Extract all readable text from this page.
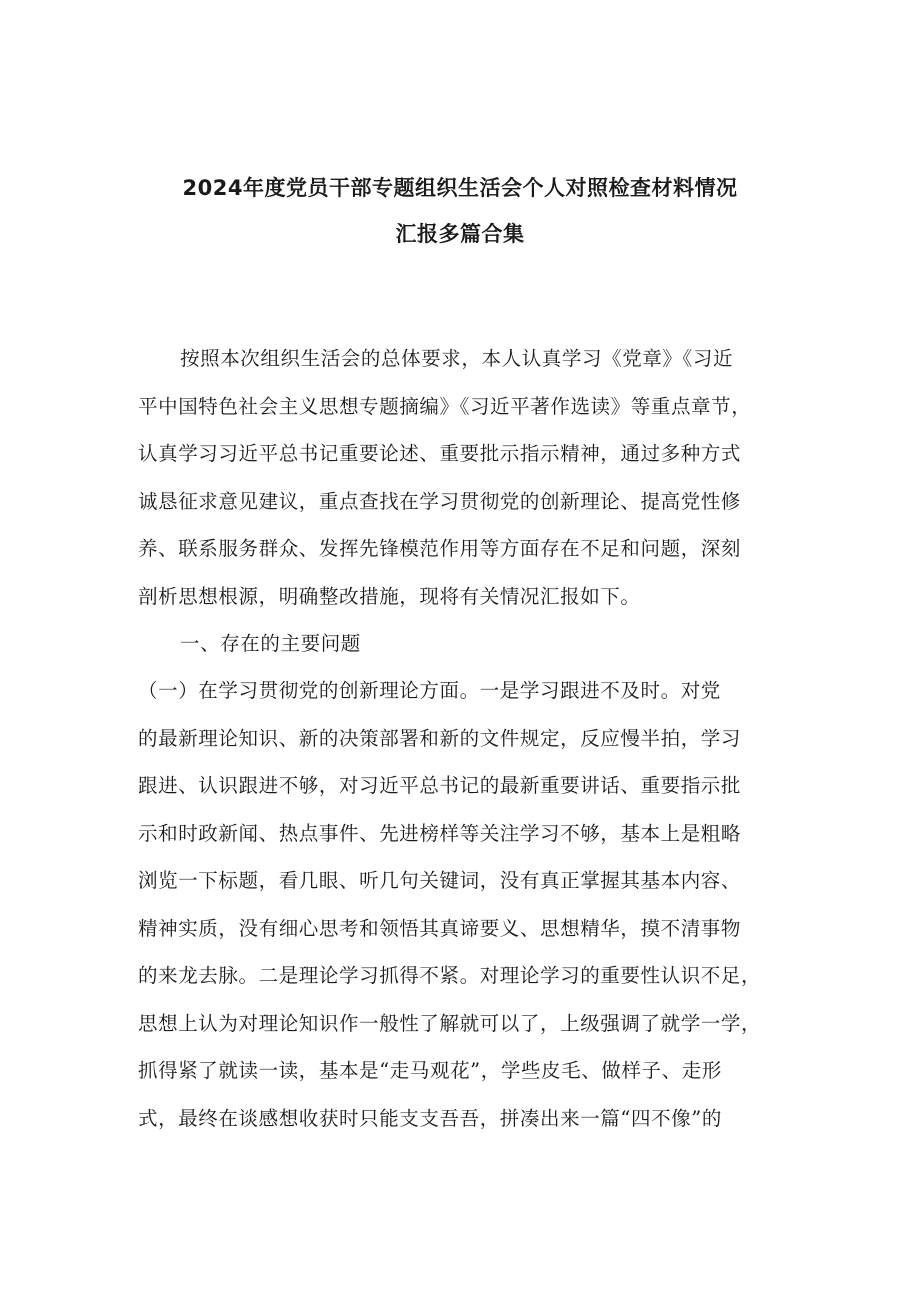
2024年度党员干部专题组织生活会个人对照检查材料情况
汇报多篇合集
按照本次组织生活会的总体要求，本人认真学习《党章》《习近
平中国特色社会主义思想专题摘编》《习近平著作选读》等重点章节，
认真学习习近平总书记重要论述、重要批示指示精神，通过多种方式
诚恳征求意见建议，重点查找在学习贯彻党的创新理论、提高党性修
养、联系服务群众、发挥先锋模范作用等方面存在不足和问题，深刻
剖析思想根源，明确整改措施，现将有关情况汇报如下。
一、存在的主要问题
（一）在学习贯彻党的创新理论方面。一是学习跟进不及时。对党
的最新理论知识、新的决策部署和新的文件规定，反应慢半拍，学习
跟进、认识跟进不够，对习近平总书记的最新重要讲话、重要指示批
示和时政新闻、热点事件、先进榜样等关注学习不够，基本上是粗略
浏览一下标题，看几眼、听几句关键词，没有真正掌握其基本内容、
精神实质，没有细心思考和领悟其真谛要义、思想精华，摸不清事物
的来龙去脉。二是理论学习抓得不紧。对理论学习的重要性认识不足，
思想上认为对理论知识作一般性了解就可以了，上级强调了就学一学，
抓得紧了就读一读，基本是“走马观花”，学些皮毛、做样子、走形
式，最终在谈感想收获时只能支支吾吾，拼凑出来一篇“四不像”的
